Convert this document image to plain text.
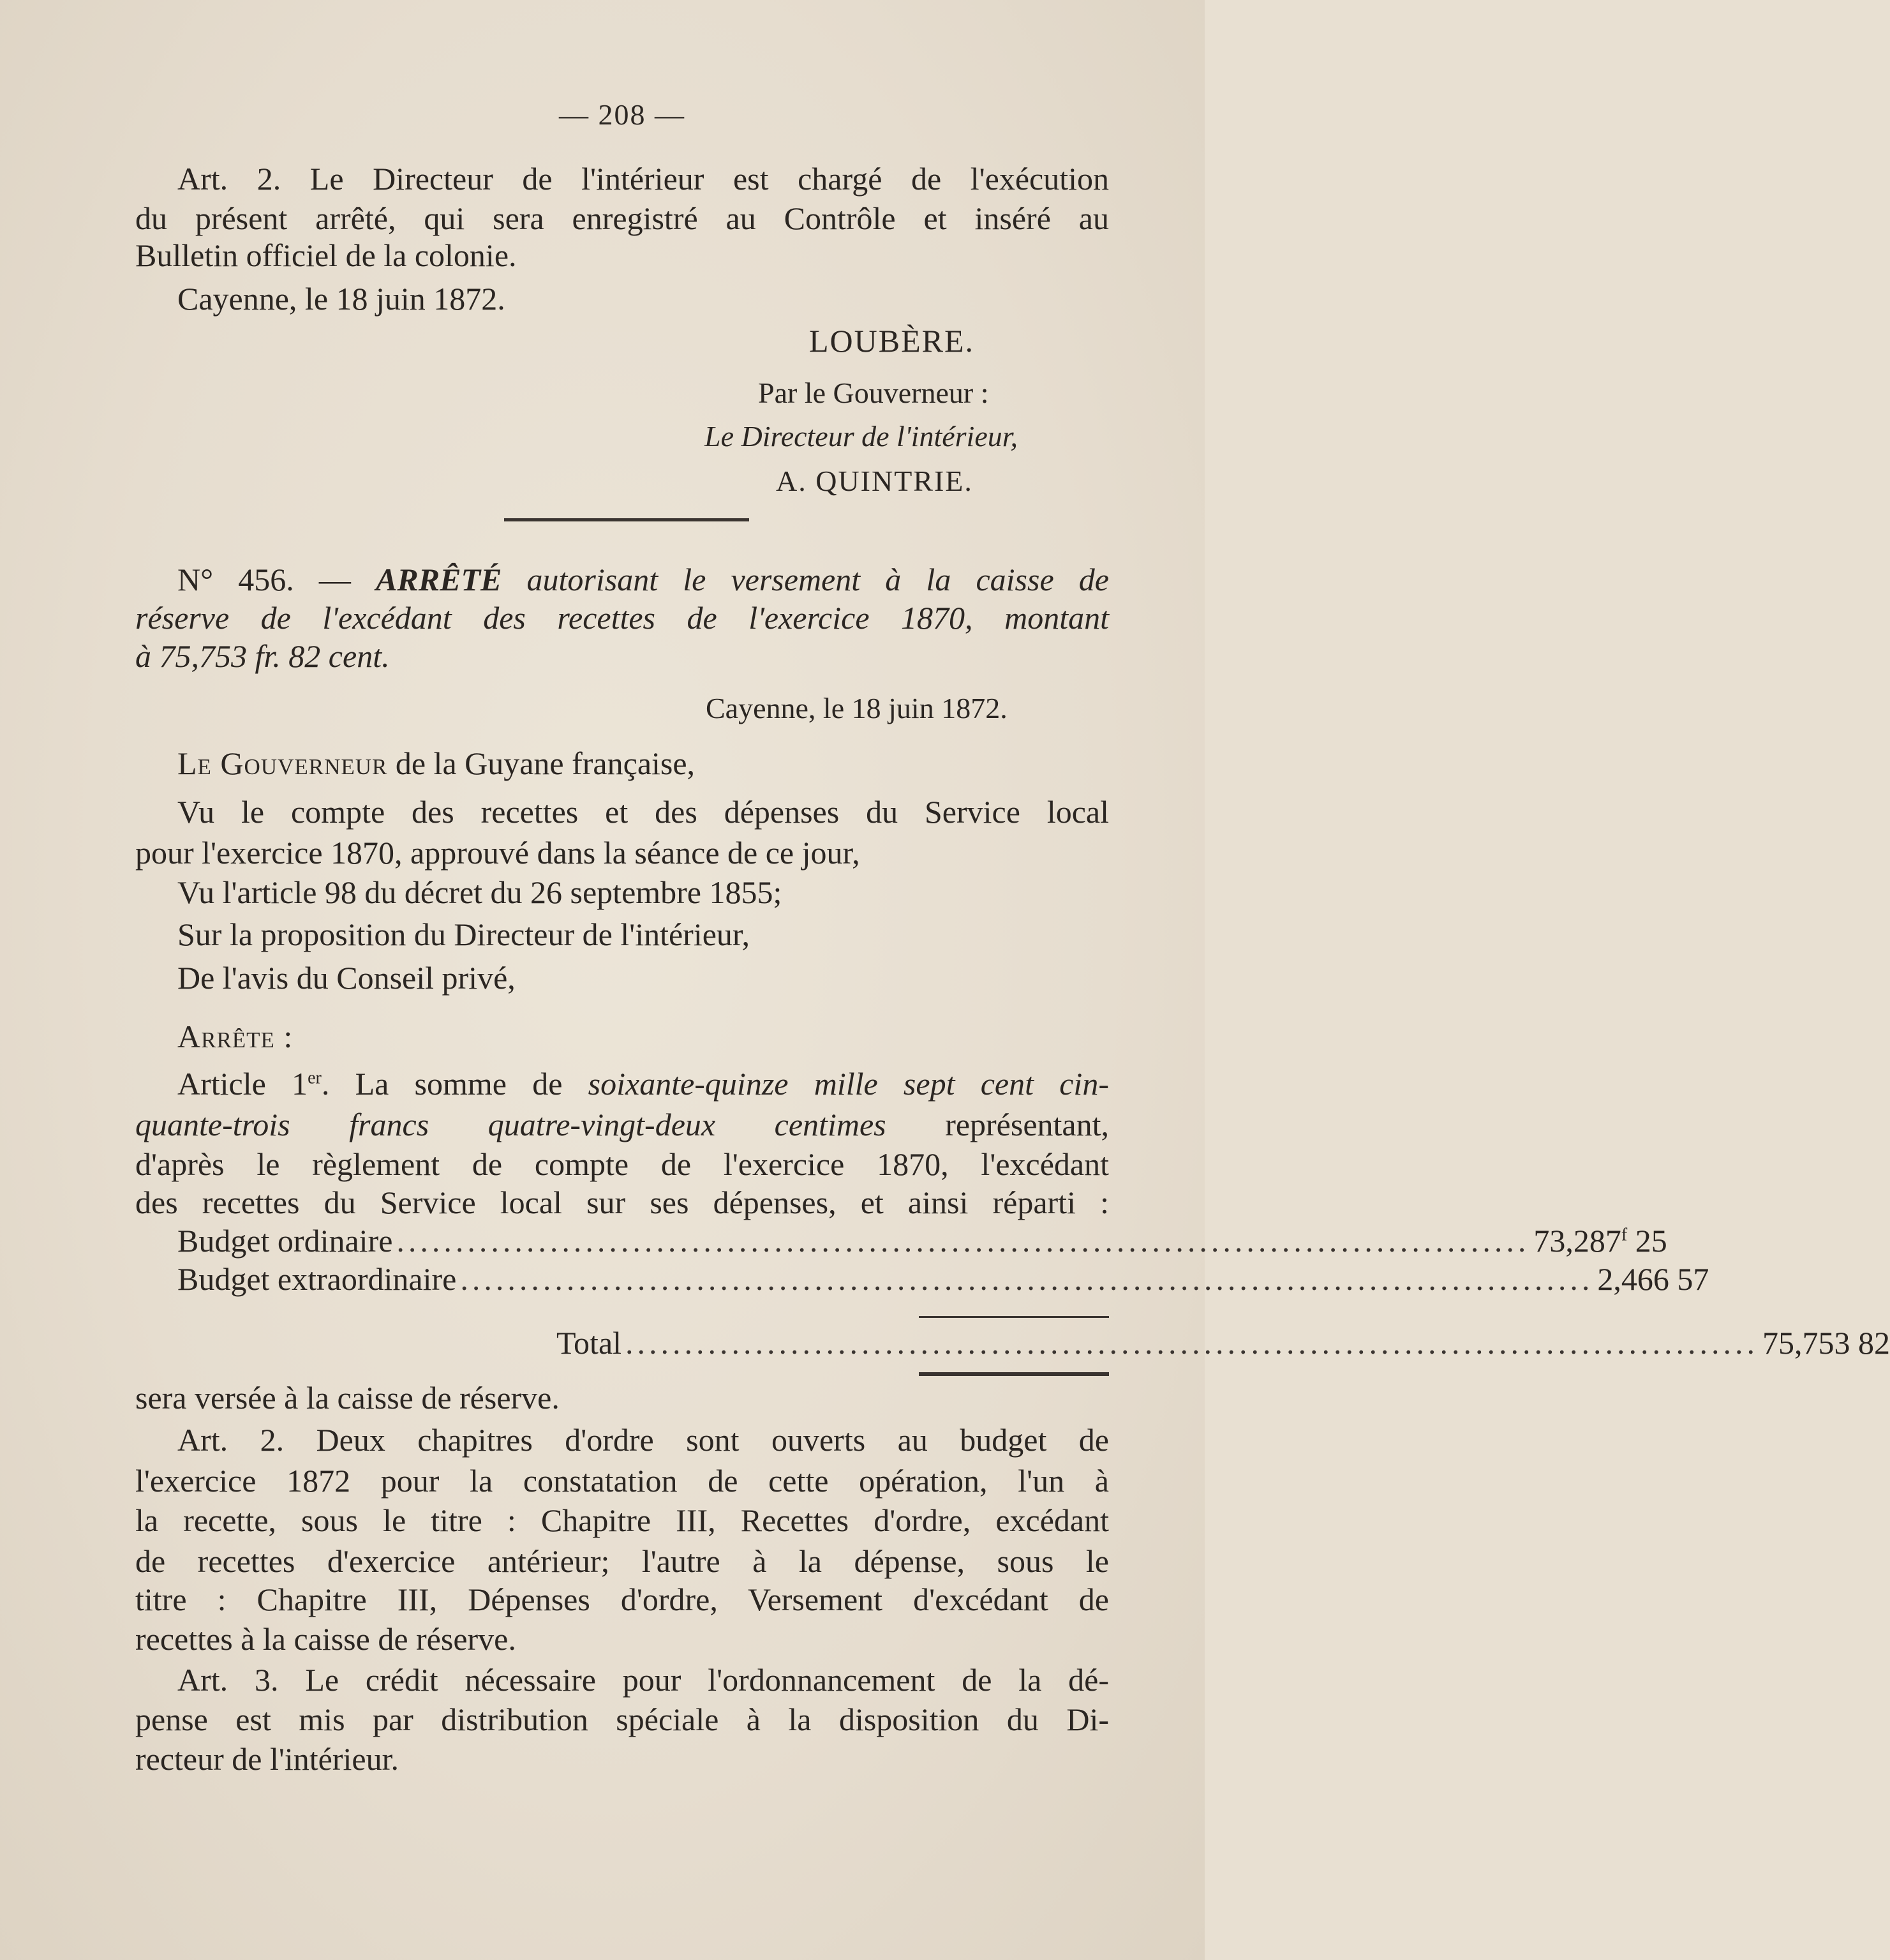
— 208 —
Art. 2. Le Directeur de l'intérieur est chargé de l'exécution
du présent arrêté, qui sera enregistré au Contrôle et inséré au
Bulletin officiel de la colonie.
Cayenne, le 18 juin 1872.
LOUBÈRE.
Par le Gouverneur :
Le Directeur de l'intérieur,
A. QUINTRIE.
N° 456. — ARRÊTÉ autorisant le versement à la caisse de
réserve de l'excédant des recettes de l'exercice 1870, montant
à 75,753 fr. 82 cent.
Cayenne, le 18 juin 1872.
Le Gouverneur de la Guyane française,
Vu le compte des recettes et des dépenses du Service local
pour l'exercice 1870, approuvé dans la séance de ce jour,
Vu l'article 98 du décret du 26 septembre 1855;
Sur la proposition du Directeur de l'intérieur,
De l'avis du Conseil privé,
Arrête :
Article 1er. La somme de soixante-quinze mille sept cent cin-
quante-trois francs quatre-vingt-deux centimes représentant,
d'après le règlement de compte de l'exercice 1870, l'excédant
des recettes du Service local sur ses dépenses, et ainsi réparti :
Budget ordinaire ................................................................................................ 73,287$^f$ 25
Budget extraordinaire ................................................................................................ 2,466 57
Total ................................................................................................ 75,753 82
sera versée à la caisse de réserve.
Art. 2. Deux chapitres d'ordre sont ouverts au budget de
l'exercice 1872 pour la constatation de cette opération, l'un à
la recette, sous le titre : Chapitre III, Recettes d'ordre, excédant
de recettes d'exercice antérieur; l'autre à la dépense, sous le
titre : Chapitre III, Dépenses d'ordre, Versement d'excédant de
recettes à la caisse de réserve.
Art. 3. Le crédit nécessaire pour l'ordonnancement de la dé-
pense est mis par distribution spéciale à la disposition du Di-
recteur de l'intérieur.
